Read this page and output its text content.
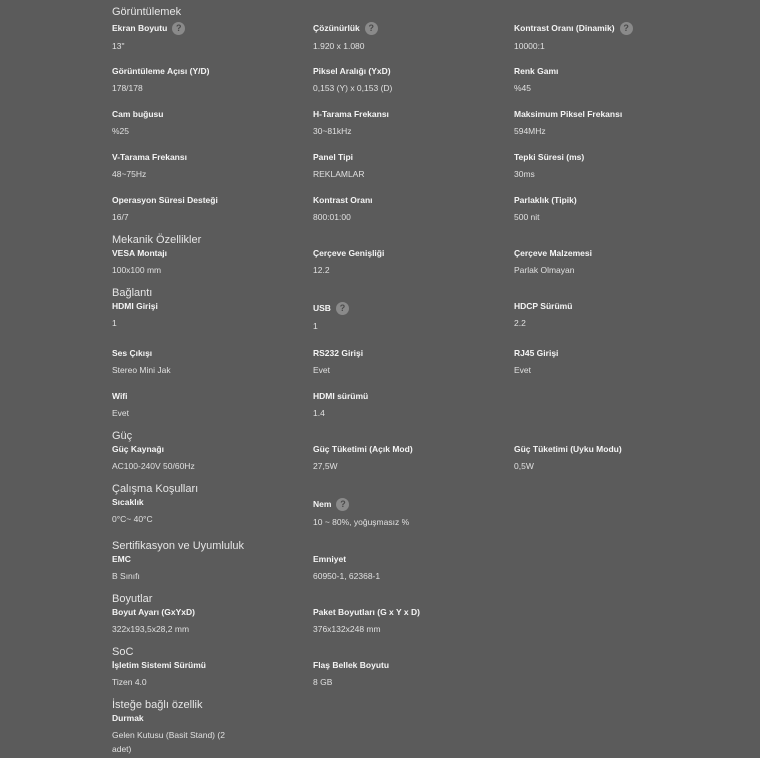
Görüntülemek
Ekran Boyutu ?
13"
Çözünürlük ?
1.920 x 1.080
Kontrast Oranı (Dinamik) ?
10000:1
Görüntüleme Açısı (Y/D)
178/178
Piksel Aralığı (YxD)
0,153 (Y) x 0,153 (D)
Renk Gamı
%45
Cam buğusu
%25
H-Tarama Frekansı
30~81kHz
Maksimum Piksel Frekansı
594MHz
V-Tarama Frekansı
48~75Hz
Panel Tipi
REKLAMLAR
Tepki Süresi (ms)
30ms
Operasyon Süresi Desteği
16/7
Kontrast Oranı
800:01:00
Parlaklık (Tipik)
500 nit
Mekanik Özellikler
VESA Montajı
100x100 mm
Çerçeve Genişliği
12.2
Çerçeve Malzemesi
Parlak Olmayan
Bağlantı
HDMI Girişi
1
USB ?
1
HDCP Sürümü
2.2
Ses Çıkışı
Stereo Mini Jak
RS232 Girişi
Evet
RJ45 Girişi
Evet
Wifi
Evet
HDMI sürümü
1.4
Güç
Güç Kaynağı
AC100-240V 50/60Hz
Güç Tüketimi (Açık Mod)
27,5W
Güç Tüketimi (Uyku Modu)
0,5W
Çalışma Koşulları
Sıcaklık
0°C~ 40°C
Nem ?
10 ~ 80%, yoğuşmasız %
Sertifikasyon ve Uyumluluk
EMC
B Sınıfı
Emniyet
60950-1, 62368-1
Boyutlar
Boyut Ayarı (GxYxD)
322x193,5x28,2 mm
Paket Boyutları (G x Y x D)
376x132x248 mm
SoC
İşletim Sistemi Sürümü
Tizen 4.0
Flaş Bellek Boyutu
8 GB
İsteğe bağlı özellik
Durmak
Gelen Kutusu (Basit Stand) (2 adet)
